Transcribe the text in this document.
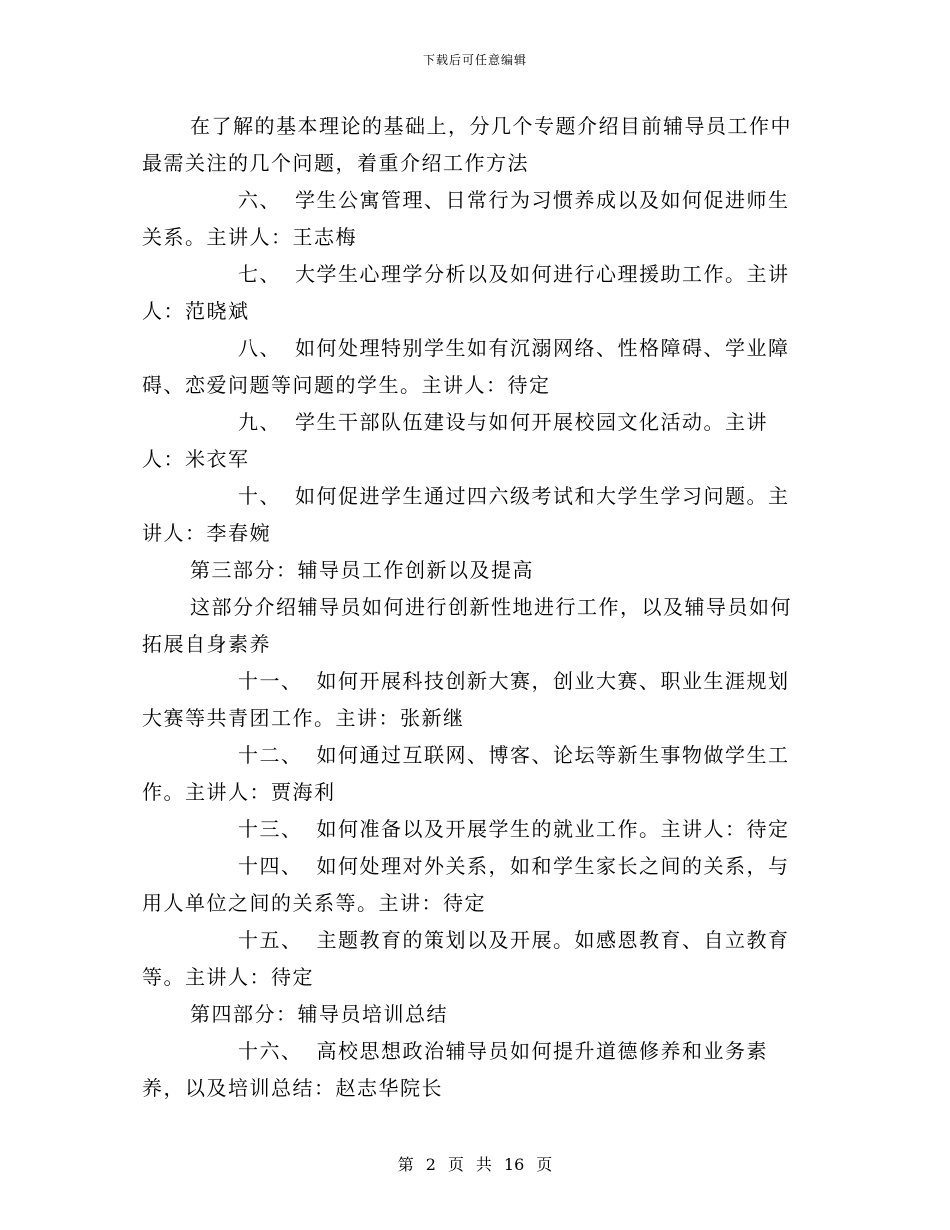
下载后可任意编辑

在了解的基本理论的基础上，分几个专题介绍目前辅导员工作中最需关注的几个问题，着重介绍工作方法

六、 学生公寓管理、日常行为习惯养成以及如何促进师生关系。主讲人：王志梅

七、 大学生心理学分析以及如何进行心理援助工作。主讲人：范晓斌

八、 如何处理特别学生如有沉溺网络、性格障碍、学业障碍、恋爱问题等问题的学生。主讲人：待定

九、 学生干部队伍建设与如何开展校园文化活动。主讲人：米衣军

十、 如何促进学生通过四六级考试和大学生学习问题。主讲人：李春婉

第三部分：辅导员工作创新以及提高

这部分介绍辅导员如何进行创新性地进行工作，以及辅导员如何拓展自身素养

十一、 如何开展科技创新大赛，创业大赛、职业生涯规划大赛等共青团工作。主讲：张新继

十二、 如何通过互联网、博客、论坛等新生事物做学生工作。主讲人：贾海利

十三、 如何准备以及开展学生的就业工作。主讲人：待定

十四、 如何处理对外关系，如和学生家长之间的关系，与用人单位之间的关系等。主讲：待定

十五、 主题教育的策划以及开展。如感恩教育、自立教育等。主讲人：待定

第四部分：辅导员培训总结

十六、 高校思想政治辅导员如何提升道德修养和业务素养，以及培训总结：赵志华院长

第 2 页 共 16 页
